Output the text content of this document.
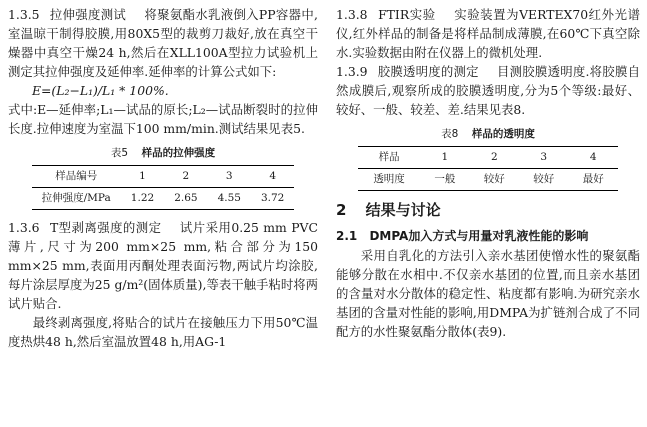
1.3.5 拉伸强度测试 将聚氨酯水乳液倒入PP容器中,室温晾干制得胶膜,用80X5型的裁剪刀裁好,放在真空干燥器中真空干燥24 h,然后在XLL100A型拉力试验机上测定其拉伸强度及延伸率.延伸率的计算公式如下:

E=(L₂−L₁)/L₁ * 100%.

式中:E—延伸率;L₁—试品的原长;L₂—试品断裂时的拉伸长度.拉伸速度为室温下100 mm/min.测试结果见表5.

表5 样品的拉伸强度
样品编号	1	2	3	4
拉伸强度/MPa	1.22	2.65	4.55	3.72

1.3.6 T型剥离强度的测定 试片采用0.25 mm PVC薄片,尺寸为200 mm×25 mm,粘合部分为150 mm×25 mm,表面用丙酮处理表面污物,两试片均涂胶,每片涂层厚度为25 g/m²(固体质量),等表干触手粘时将两试片贴合.

最终剥离强度,将贴合的试片在接触压力下用50℃温度热烘48 h,然后室温放置48 h,用AG-1

1.3.8 FTIR实验 实验装置为VERTEX70红外光谱仪,红外样品的制备是将样品制成薄膜,在60℃下真空除水.实验数据由附在仪器上的微机处理.

1.3.9 胶膜透明度的测定 目测胶膜透明度.将胶膜自然成膜后,观察所成的胶膜透明度,分为5个等级:最好、较好、一般、较差、差.结果见表8.

表8 样品的透明度
样品	1	2	3	4
透明度	一般	较好	较好	最好
2 结果与讨论

2.1 DMPA加入方式与用量对乳液性能的影响

采用自乳化的方法引入亲水基团使憎水性的聚氨酯能够分散在水相中.不仅亲水基团的位置,而且亲水基团的含量对水分散体的稳定性、粘度都有影响.为研究亲水基团的含量对性能的影响,用DMPA为扩链剂合成了不同配方的水性聚氨酯分散体(表9).
